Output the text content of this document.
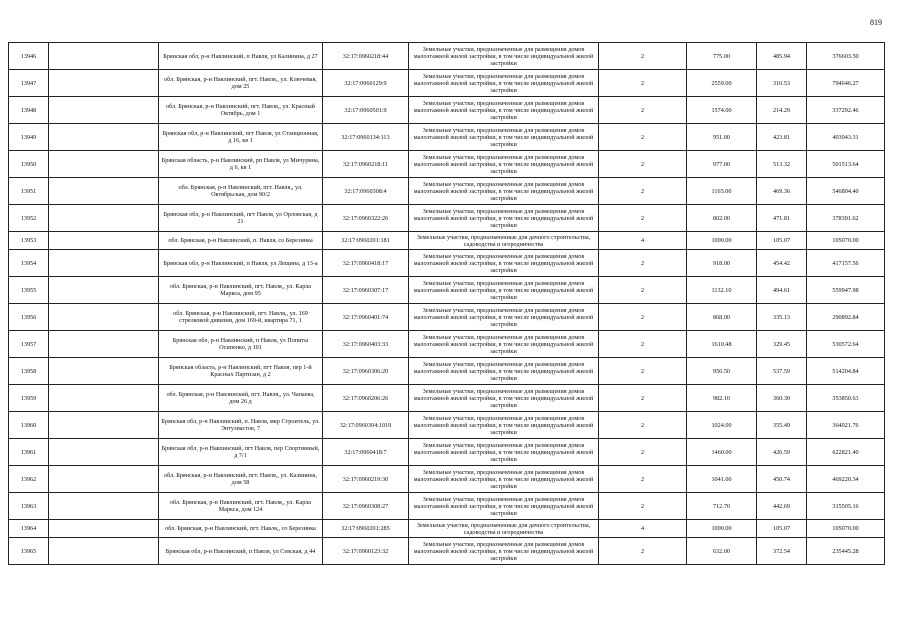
819
13946		Брянская обл, р-н Навлинский, п Навля, ул Калинина, д 27	32:17:0960218:44	Земельные участки, предназначенные для размещения домов малоэтажной жилой застройки, в том числе индивидуальной жилой застройки	2	775.00	485.94	376603.50
13947		обл. Брянская, р-н Навлинский, пгт. Навля,, ул. Ключевая, дом 25	32:17:0960129:9	Земельные участки, предназначенные для размещения домов малоэтажной жилой застройки, в том числе индивидуальной жилой застройки	2	2559.00	310.53	794646.27
13948		обл. Брянская, р-н Навлинский, пгт. Навля,, ул. Красный Октябрь, дом 1	32:17:0960501:9	Земельные участки, предназначенные для размещения домов малоэтажной жилой застройки, в том числе индивидуальной жилой застройки	2	1574.00	214.29	337292.46
13949		Брянская обл, р-н Навлинский, пгт Навля, ул Станционная, д 16, кв 1	32:17:0960134:113	Земельные участки, предназначенные для размещения домов малоэтажной жилой застройки, в том числе индивидуальной жилой застройки	2	951.00	423.81	403043.31
13950		Брянская область, р-н Навлинский, рп Навля, ул Мичурина, д 6, кв 1	32:17:0960218:11	Земельные участки, предназначенные для размещения домов малоэтажной жилой застройки, в том числе индивидуальной жилой застройки	2	977.00	513.32	501513.64
13951		обл. Брянская, р-н Навлинский, пгт. Навля,, ул. Октябрьская, дом 90/2	32:17:0960308:4	Земельные участки, предназначенные для размещения домов малоэтажной жилой застройки, в том числе индивидуальной жилой застройки	2	1165.00	469.36	546804.40
13952		Брянская обл, р-н Навлинский, пгт Навля, ул Орловская, д 21	32:17:0960322:26	Земельные участки, предназначенные для размещения домов малоэтажной жилой застройки, в том числе индивидуальной жилой застройки	2	802.00	471.81	378391.62
13953		обл. Брянская, р-н Навлинский, п. Навля, со Березинка	32:17:0960201:181	Земельные участки, предназначенные для дачного строительства, садоводства и огородничества	4	1000.00	105.07	105070.00
13954		Брянская обл, р-н Навлинский, п Навля, ул Лещина, д 13-а	32:17:0960418:17	Земельные участки, предназначенные для размещения домов малоэтажной жилой застройки, в том числе индивидуальной жилой застройки	2	918.00	454.42	417157.56
13955		обл. Брянская, р-н Навлинский, пгт. Навля,, ул. Карла Маркса, дом 95	32:17:0960307:17	Земельные участки, предназначенные для размещения домов малоэтажной жилой застройки, в том числе индивидуальной жилой застройки	2	1132.10	494.61	559947.98
13956		обл. Брянская, р-н Навлинский, пгт. Навля,, ул. 169 стрелковой дивизии, дом 169-й, квартира 71, 1	32:17:0960401:74	Земельные участки, предназначенные для размещения домов малоэтажной жилой застройки, в том числе индивидуальной жилой застройки	2	868.00	335.13	290892.84
13957		Брянская обл, р-н Навлинский, п Навля, ул Попиты Осипенко, д 101	32:17:0960403:33	Земельные участки, предназначенные для размещения домов малоэтажной жилой застройки, в том числе индивидуальной жилой застройки	2	1610.48	329.45	530572.64
13958		Брянская область, р-н Навлинский, пгт Навля, пер 1-й Красных Партизан, д 2	32:17:0960306:20	Земельные участки, предназначенные для размещения домов малоэтажной жилой застройки, в том числе индивидуальной жилой застройки	2	956.50	537.59	514204.84
13959		обл. Брянская, р-н Навлинский, пгт. Навля,, ул. Чапаева, дом 26 д	32:17:0960206:26	Земельные участки, предназначенные для размещения домов малоэтажной жилой застройки, в том числе индивидуальной жилой застройки	2	982.10	360.30	353850.63
13960		Брянская обл, р-н Навлинский, п. Навля, мкр Строитель, ул. Энтузиастов, 7	32:17:0960304:1019	Земельные участки, предназначенные для размещения домов малоэтажной жилой застройки, в том числе индивидуальной жилой застройки	2	1024.00	355.49	364021.76
13961		Брянская обл, р-н Навлинский, пгт Навля, пер Спортивный, д 7/1	32:17:0960418:7	Земельные участки, предназначенные для размещения домов малоэтажной жилой застройки, в том числе индивидуальной жилой застройки	2	1460.00	426.59	622821.40
13962		обл. Брянская, р-н Навлинский, пгт. Навля,, ул. Калинина, дом 58	32:17:0960219:30	Земельные участки, предназначенные для размещения домов малоэтажной жилой застройки, в том числе индивидуальной жилой застройки	2	1041.00	450.74	469220.34
13963		обл. Брянская, р-н Навлинский, пгт. Навля,, ул. Карла Маркса, дом 124	32:17:0960308:27	Земельные участки, предназначенные для размещения домов малоэтажной жилой застройки, в том числе индивидуальной жилой застройки	2	712.70	442.69	315505.16
13964		обл. Брянская, р-н Навлинский, пгт. Навля,, со Березинка	32:17:0960201:285	Земельные участки, предназначенные для дачного строительства, садоводства и огородничества	4	1000.00	105.07	105070.00
13965		Брянская обл, р-н Навлинский, п Навля, ул Севская, д 44	32:17:0960123:32	Земельные участки, предназначенные для размещения домов малоэтажной жилой застройки, в том числе индивидуальной жилой застройки	2	632.00	372.54	235445.28
